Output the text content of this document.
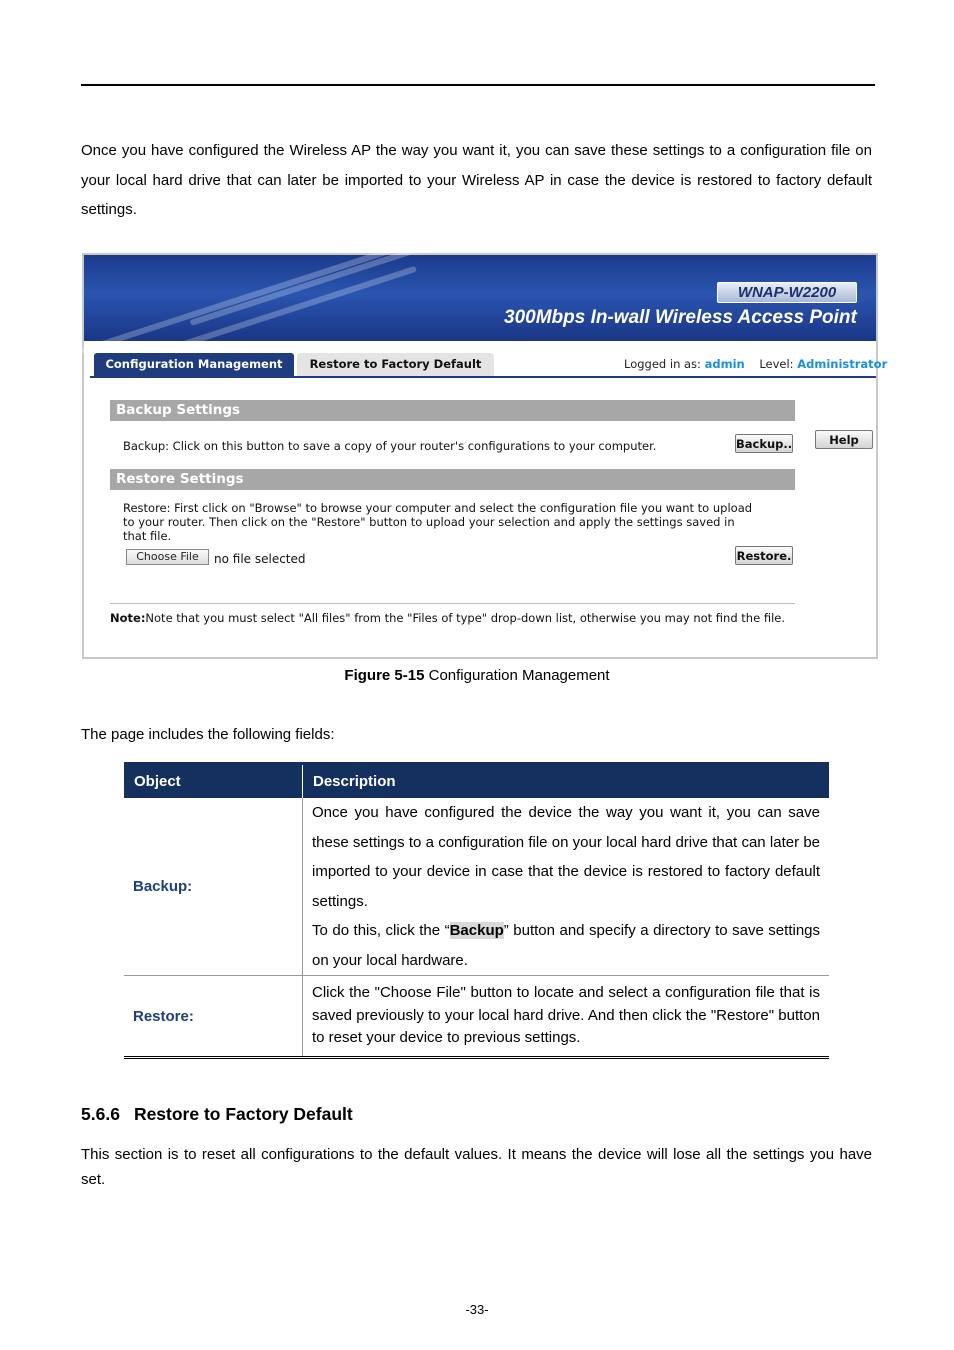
Once you have configured the Wireless AP the way you want it, you can save these settings to a configuration file on your local hard drive that can later be imported to your Wireless AP in case the device is restored to factory default settings.

WNAP-W2200
300Mbps In-wall Wireless Access Point
Configuration Management	Restore to Factory Default	Logged in as: admin Level: Administrator
Backup Settings
Backup: Click on this button to save a copy of your router's configurations to your computer.	Backup..	Help
Restore Settings
Restore: First click on "Browse" to browse your computer and select the configuration file you want to upload
to your router. Then click on the "Restore" button to upload your selection and apply the settings saved in
that file.
Choose File	no file selected	Restore.
Note:Note that you must select "All files" from the "Files of type" drop-down list, otherwise you may not find the file.
Figure 5-15 Configuration Management

The page includes the following fields:

Object	Description
Backup:	Once you have configured the device the way you want it, you can save these settings to a configuration file on your local hard drive that can later be imported to your device in case that the device is restored to factory default settings.
To do this, click the “Backup” button and specify a directory to save settings on your local hardware.

Restore:	Click the "Choose File" button to locate and select a configuration file that is saved previously to your local hard drive. And then click the "Restore" button to reset your device to previous settings.
5.6.6 Restore to Factory Default

This section is to reset all configurations to the default values. It means the device will lose all the settings you have set.

-33-
